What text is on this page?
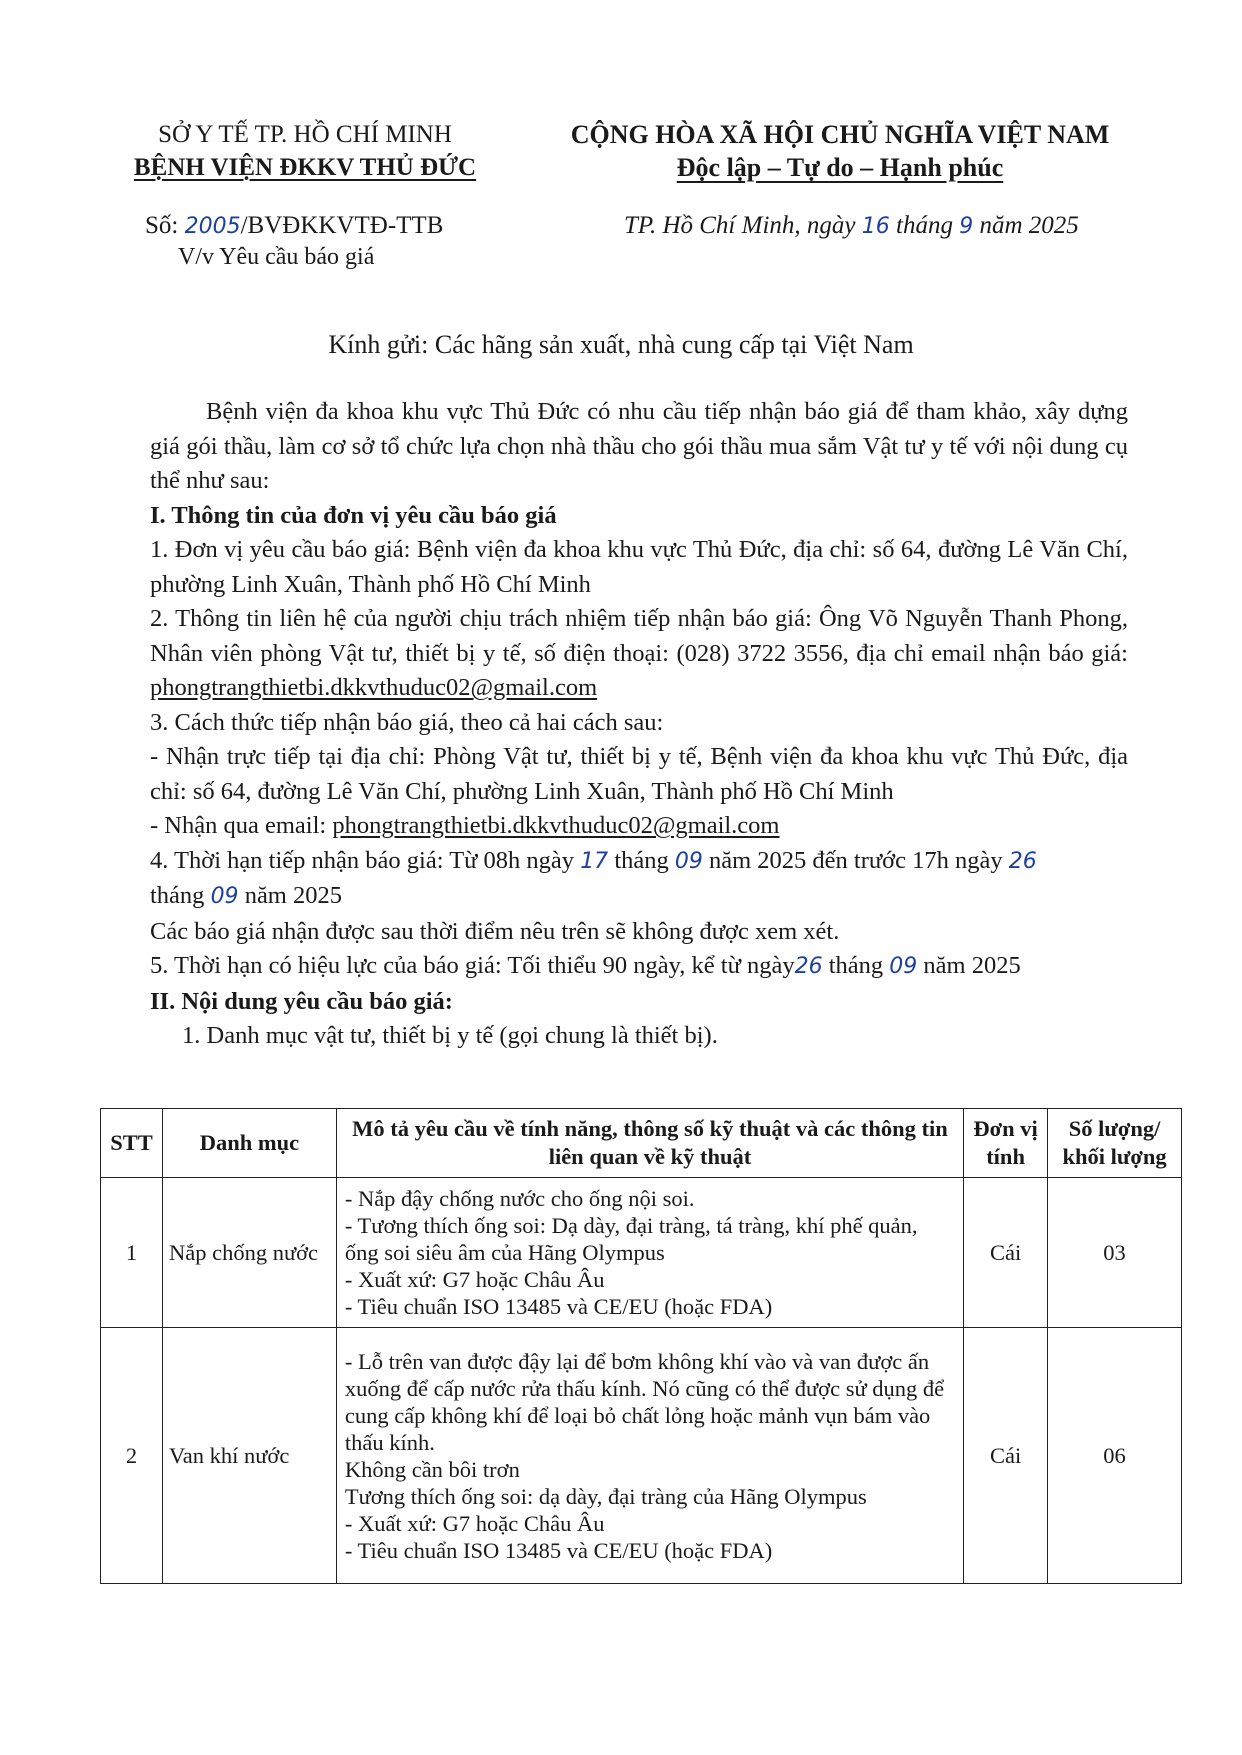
SỞ Y TẾ TP. HỒ CHÍ MINH
BỆNH VIỆN ĐKKV THỦ ĐỨC
CỘNG HÒA XÃ HỘI CHỦ NGHĨA VIỆT NAM
Độc lập – Tự do – Hạnh phúc
Số: 2005/BVĐKKVTĐ-TTB
V/v Yêu cầu báo giá
TP. Hồ Chí Minh, ngày 16 tháng 9 năm 2025
Kính gửi: Các hãng sản xuất, nhà cung cấp tại Việt Nam
Bệnh viện đa khoa khu vực Thủ Đức có nhu cầu tiếp nhận báo giá để tham khảo, xây dựng giá gói thầu, làm cơ sở tổ chức lựa chọn nhà thầu cho gói thầu mua sắm Vật tư y tế với nội dung cụ thể như sau:
I. Thông tin của đơn vị yêu cầu báo giá
1. Đơn vị yêu cầu báo giá: Bệnh viện đa khoa khu vực Thủ Đức, địa chỉ: số 64, đường Lê Văn Chí, phường Linh Xuân, Thành phố Hồ Chí Minh
2. Thông tin liên hệ của người chịu trách nhiệm tiếp nhận báo giá: Ông Võ Nguyễn Thanh Phong, Nhân viên phòng Vật tư, thiết bị y tế, số điện thoại: (028) 3722 3556, địa chỉ email nhận báo giá: phongtrangthietbi.dkkvthuduc02@gmail.com
3. Cách thức tiếp nhận báo giá, theo cả hai cách sau:
- Nhận trực tiếp tại địa chỉ: Phòng Vật tư, thiết bị y tế, Bệnh viện đa khoa khu vực Thủ Đức, địa chỉ: số 64, đường Lê Văn Chí, phường Linh Xuân, Thành phố Hồ Chí Minh
- Nhận qua email: phongtrangthietbi.dkkvthuduc02@gmail.com
4. Thời hạn tiếp nhận báo giá: Từ 08h ngày 17 tháng 09 năm 2025 đến trước 17h ngày 26
tháng 09 năm 2025
Các báo giá nhận được sau thời điểm nêu trên sẽ không được xem xét.
5. Thời hạn có hiệu lực của báo giá: Tối thiểu 90 ngày, kể từ ngày26 tháng 09 năm 2025
II. Nội dung yêu cầu báo giá:
1. Danh mục vật tư, thiết bị y tế (gọi chung là thiết bị).
STT	Danh mục	Mô tả yêu cầu về tính năng, thông số kỹ thuật và các thông tin liên quan về kỹ thuật	Đơn vị tính	Số lượng/ khối lượng
1	Nắp chống nước	- Nắp đậy chống nước cho ống nội soi.
- Tương thích ống soi: Dạ dày, đại tràng, tá tràng, khí phế quản, ống soi siêu âm của Hãng Olympus
- Xuất xứ: G7 hoặc Châu Âu
- Tiêu chuẩn ISO 13485 và CE/EU (hoặc FDA)	Cái	03
2	Van khí nước	- Lỗ trên van được đậy lại để bơm không khí vào và van được ấn xuống để cấp nước rửa thấu kính. Nó cũng có thể được sử dụng để cung cấp không khí để loại bỏ chất lỏng hoặc mảnh vụn bám vào thấu kính.
Không cần bôi trơn
Tương thích ống soi: dạ dày, đại tràng của Hãng Olympus
- Xuất xứ: G7 hoặc Châu Âu
- Tiêu chuẩn ISO 13485 và CE/EU (hoặc FDA)	Cái	06
